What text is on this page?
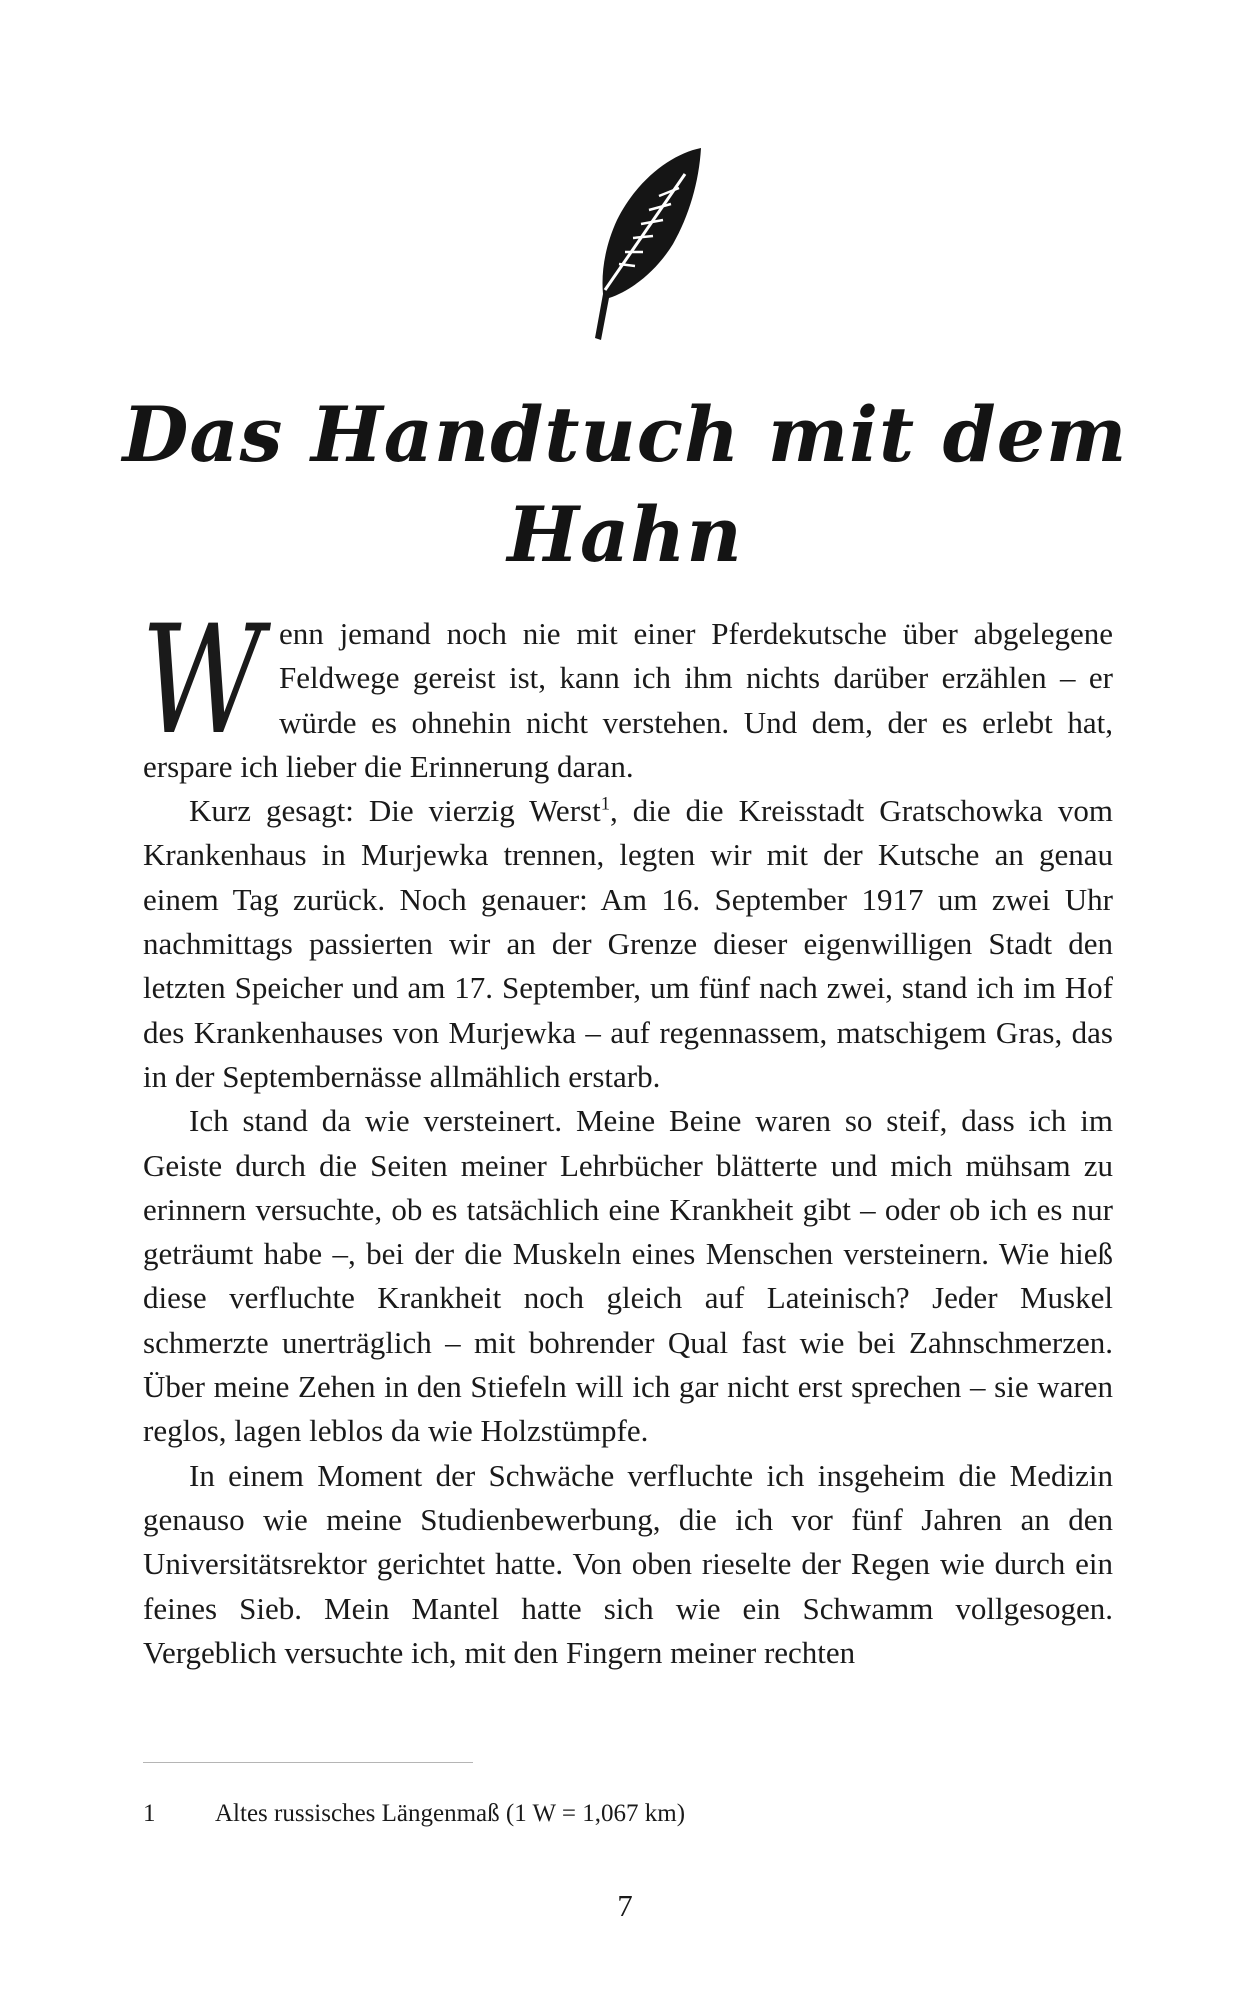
Das Handtuch mit dem Hahn

W enn jemand noch nie mit einer Pferdekutsche über abgelegene Feldwege gereist ist, kann ich ihm nichts darüber erzählen – er würde es ohnehin nicht verstehen. Und dem, der es erlebt hat, erspare ich lieber die Erinnerung daran.

Kurz gesagt: Die vierzig Werst$^1$, die die Kreisstadt Gratschowka vom Krankenhaus in Murjewka trennen, legten wir mit der Kutsche an genau einem Tag zurück. Noch genauer: Am 16. September 1917 um zwei Uhr nachmittags passierten wir an der Grenze dieser eigenwilligen Stadt den letzten Speicher und am 17. September, um fünf nach zwei, stand ich im Hof des Krankenhauses von Murjewka – auf regennassem, matschigem Gras, das in der Septembernässe allmählich erstarb.

Ich stand da wie versteinert. Meine Beine waren so steif, dass ich im Geiste durch die Seiten meiner Lehrbücher blätterte und mich mühsam zu erinnern versuchte, ob es tatsächlich eine Krankheit gibt – oder ob ich es nur geträumt habe –, bei der die Muskeln eines Menschen versteinern. Wie hieß diese verfluchte Krankheit noch gleich auf Lateinisch? Jeder Muskel schmerzte unerträglich – mit bohrender Qual fast wie bei Zahnschmerzen. Über meine Zehen in den Stiefeln will ich gar nicht erst sprechen – sie waren reglos, lagen leblos da wie Holzstümpfe.

In einem Moment der Schwäche verfluchte ich insgeheim die Medizin genauso wie meine Studienbewerbung, die ich vor fünf Jahren an den Universitätsrektor gerichtet hatte. Von oben rieselte der Regen wie durch ein feines Sieb. Mein Mantel hatte sich wie ein Schwamm vollgesogen. Vergeblich versuchte ich, mit den Fingern meiner rechten

1 Altes russisches Längenmaß (1 W = 1,067 km)
7
